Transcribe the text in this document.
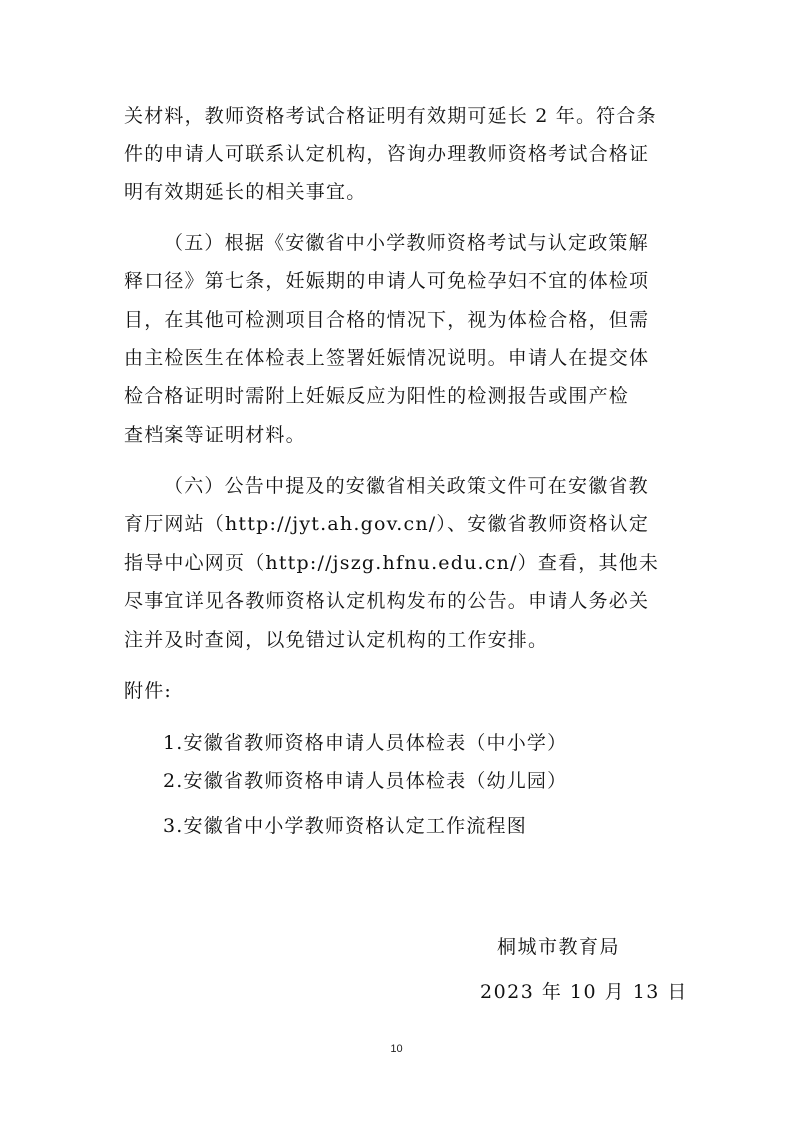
关材料，教师资格考试合格证明有效期可延长 2 年。符合条
件的申请人可联系认定机构，咨询办理教师资格考试合格证
明有效期延长的相关事宜。
（五）根据《安徽省中小学教师资格考试与认定政策解
释口径》第七条，妊娠期的申请人可免检孕妇不宜的体检项
目，在其他可检测项目合格的情况下，视为体检合格，但需
由主检医生在体检表上签署妊娠情况说明。申请人在提交体
检合格证明时需附上妊娠反应为阳性的检测报告或围产检
查档案等证明材料。
（六）公告中提及的安徽省相关政策文件可在安徽省教
育厅网站（http://jyt.ah.gov.cn/）、安徽省教师资格认定
指导中心网页（http://jszg.hfnu.edu.cn/）查看，其他未
尽事宜详见各教师资格认定机构发布的公告。申请人务必关
注并及时查阅，以免错过认定机构的工作安排。
附件:
1.安徽省教师资格申请人员体检表（中小学）
2.安徽省教师资格申请人员体检表（幼儿园）
3.安徽省中小学教师资格认定工作流程图
桐城市教育局
2023 年 10 月 13 日
10
